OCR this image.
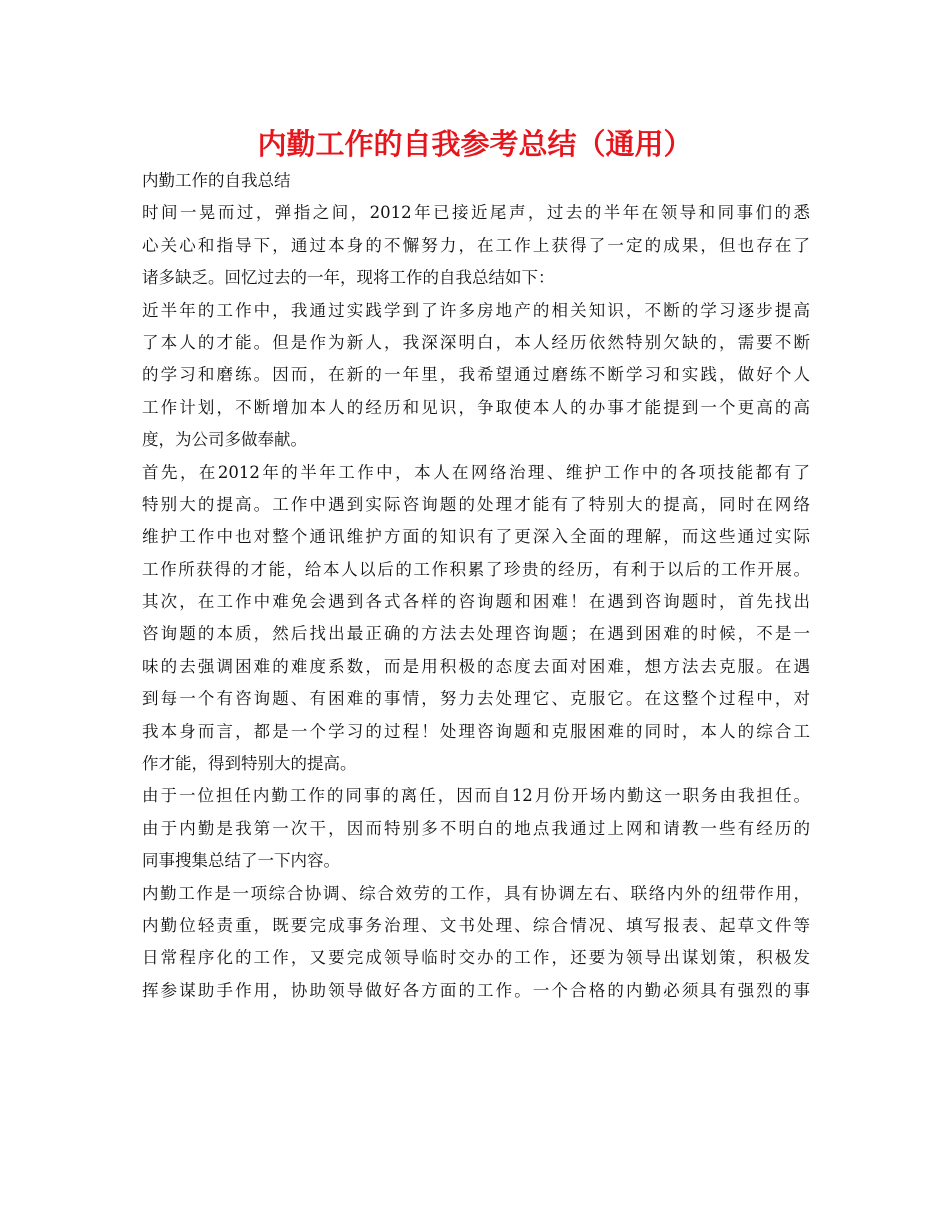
内勤工作的自我参考总结（通用）
内勤工作的自我总结
时间一晃而过，弹指之间，2012年已接近尾声，过去的半年在领导和同事们的悉
心关心和指导下，通过本身的不懈努力，在工作上获得了一定的成果，但也存在了
诸多缺乏。回忆过去的一年，现将工作的自我总结如下：
近半年的工作中，我通过实践学到了许多房地产的相关知识，不断的学习逐步提高
了本人的才能。但是作为新人，我深深明白，本人经历依然特别欠缺的，需要不断
的学习和磨练。因而，在新的一年里，我希望通过磨练不断学习和实践，做好个人
工作计划，不断增加本人的经历和见识，争取使本人的办事才能提到一个更高的高
度，为公司多做奉献。
首先，在2012年的半年工作中，本人在网络治理、维护工作中的各项技能都有了
特别大的提高。工作中遇到实际咨询题的处理才能有了特别大的提高，同时在网络
维护工作中也对整个通讯维护方面的知识有了更深入全面的理解，而这些通过实际
工作所获得的才能，给本人以后的工作积累了珍贵的经历，有利于以后的工作开展。
其次，在工作中难免会遇到各式各样的咨询题和困难！在遇到咨询题时，首先找出
咨询题的本质，然后找出最正确的方法去处理咨询题；在遇到困难的时候，不是一
味的去强调困难的难度系数，而是用积极的态度去面对困难，想方法去克服。在遇
到每一个有咨询题、有困难的事情，努力去处理它、克服它。在这整个过程中，对
我本身而言，都是一个学习的过程！处理咨询题和克服困难的同时，本人的综合工
作才能，得到特别大的提高。
由于一位担任内勤工作的同事的离任，因而自12月份开场内勤这一职务由我担任。
由于内勤是我第一次干，因而特别多不明白的地点我通过上网和请教一些有经历的
同事搜集总结了一下内容。
内勤工作是一项综合协调、综合效劳的工作，具有协调左右、联络内外的纽带作用，
内勤位轻责重，既要完成事务治理、文书处理、综合情况、填写报表、起草文件等
日常程序化的工作，又要完成领导临时交办的工作，还要为领导出谋划策，积极发
挥参谋助手作用，协助领导做好各方面的工作。一个合格的内勤必须具有强烈的事
